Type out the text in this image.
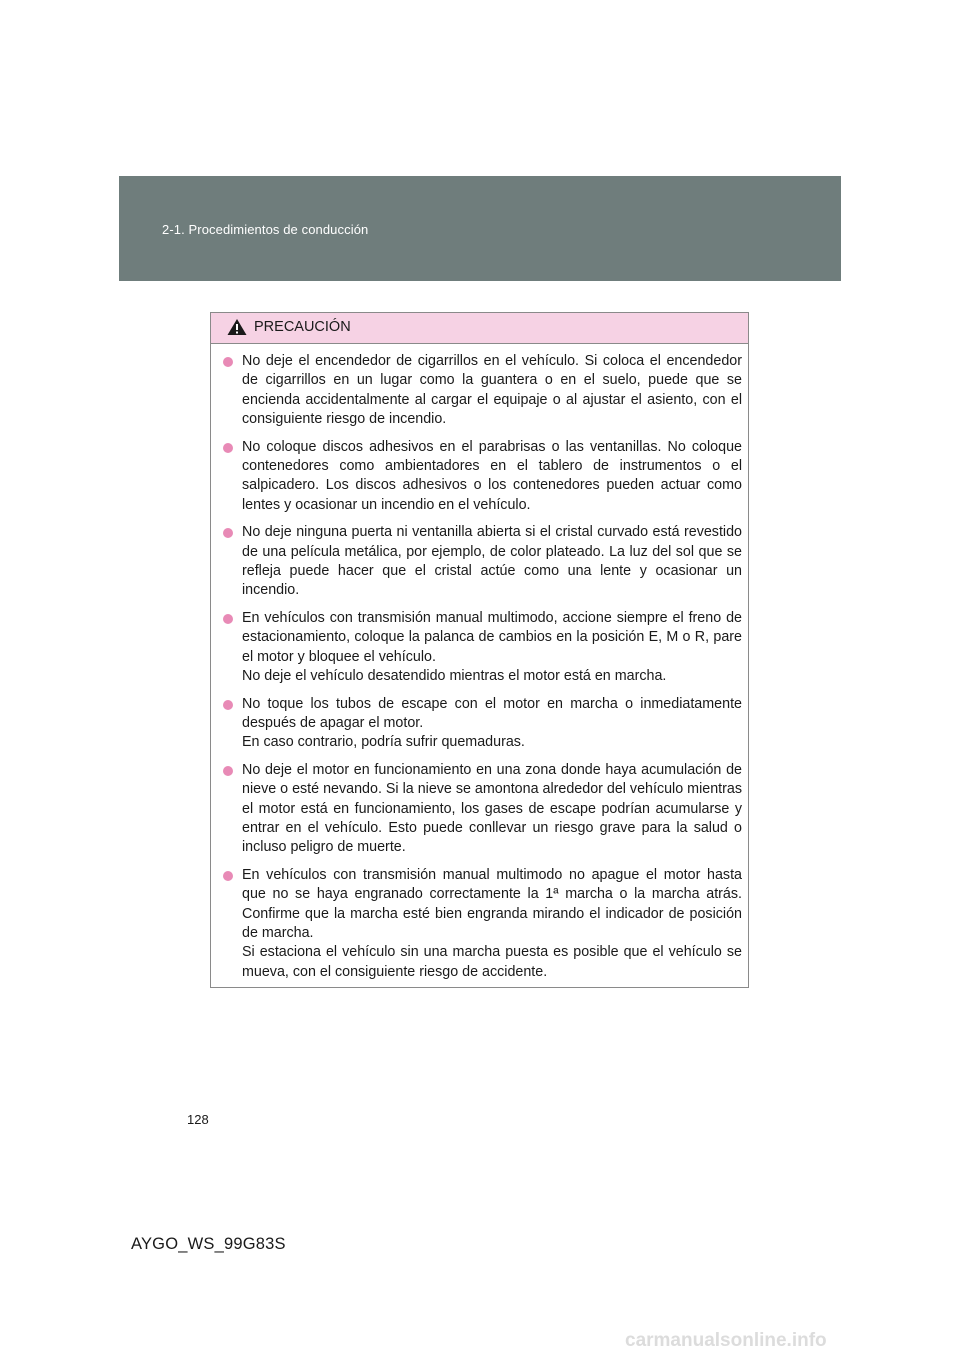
2-1. Procedimientos de conducción
PRECAUCIÓN
No deje el encendedor de cigarrillos en el vehículo. Si coloca el encendedor de cigarrillos en un lugar como la guantera o en el suelo, puede que se encienda accidentalmente al cargar el equipaje o al ajustar el asiento, con el consiguiente riesgo de incendio.
No coloque discos adhesivos en el parabrisas o las ventanillas. No coloque contenedores como ambientadores en el tablero de instrumentos o el salpicadero. Los discos adhesivos o los contenedores pueden actuar como lentes y ocasionar un incendio en el vehículo.
No deje ninguna puerta ni ventanilla abierta si el cristal curvado está revestido de una película metálica, por ejemplo, de color plateado. La luz del sol que se refleja puede hacer que el cristal actúe como una lente y ocasionar un incendio.
En vehículos con transmisión manual multimodo, accione siempre el freno de estacionamiento, coloque la palanca de cambios en la posición E, M o R, pare el motor y bloquee el vehículo.
No deje el vehículo desatendido mientras el motor está en marcha.
No toque los tubos de escape con el motor en marcha o inmediatamente después de apagar el motor.
En caso contrario, podría sufrir quemaduras.
No deje el motor en funcionamiento en una zona donde haya acumulación de nieve o esté nevando. Si la nieve se amontona alrededor del vehículo mientras el motor está en funcionamiento, los gases de escape podrían acumularse y entrar en el vehículo. Esto puede conllevar un riesgo grave para la salud o incluso peligro de muerte.
En vehículos con transmisión manual multimodo no apague el motor hasta que no se haya engranado correctamente la 1ª marcha o la marcha atrás. Confirme que la marcha esté bien engranda mirando el indicador de posición de marcha.
Si estaciona el vehículo sin una marcha puesta es posible que el vehículo se mueva, con el consiguiente riesgo de accidente.
128
AYGO_WS_99G83S
carmanualsonline.info
